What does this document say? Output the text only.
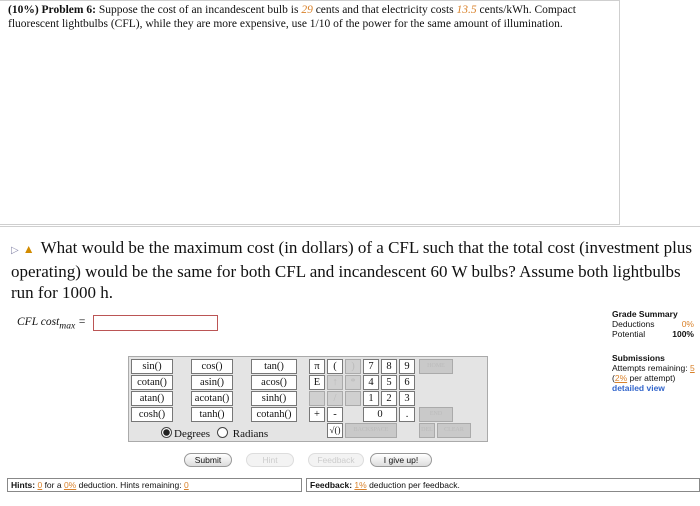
(10%) Problem 6: Suppose the cost of an incandescent bulb is 29 cents and that electricity costs 13.5 cents/kWh. Compact fluorescent lightbulbs (CFL), while they are more expensive, use 1/10 of the power for the same amount of illumination.
▷ ▲ What would be the maximum cost (in dollars) of a CFL such that the total cost (investment plus operating) would be the same for both CFL and incandescent 60 W bulbs? Assume both lightbulbs run for 1000 h.
CFL cost$_{max}$ =
Grade Summary
Deductions	0%
Potential	100%
Submissions
Attempts remaining: 5
(2% per attempt)
detailed view
sin()	cos()	tan()
cotan()	asin()	acos()
atan()	acotan()	sinh()
cosh()	tanh()	cotanh()
π
E
+
(
↑
/
-
√()
)
*
7	8	9
4	5	6
1	2	3
0	.
BACKSPACE
HOME
END
DEL	CLEAR
Degrees	Radians
Submit	Hint	Feedback	I give up!
Hints: 0 for a 0% deduction. Hints remaining: 0	Feedback: 1% deduction per feedback.
